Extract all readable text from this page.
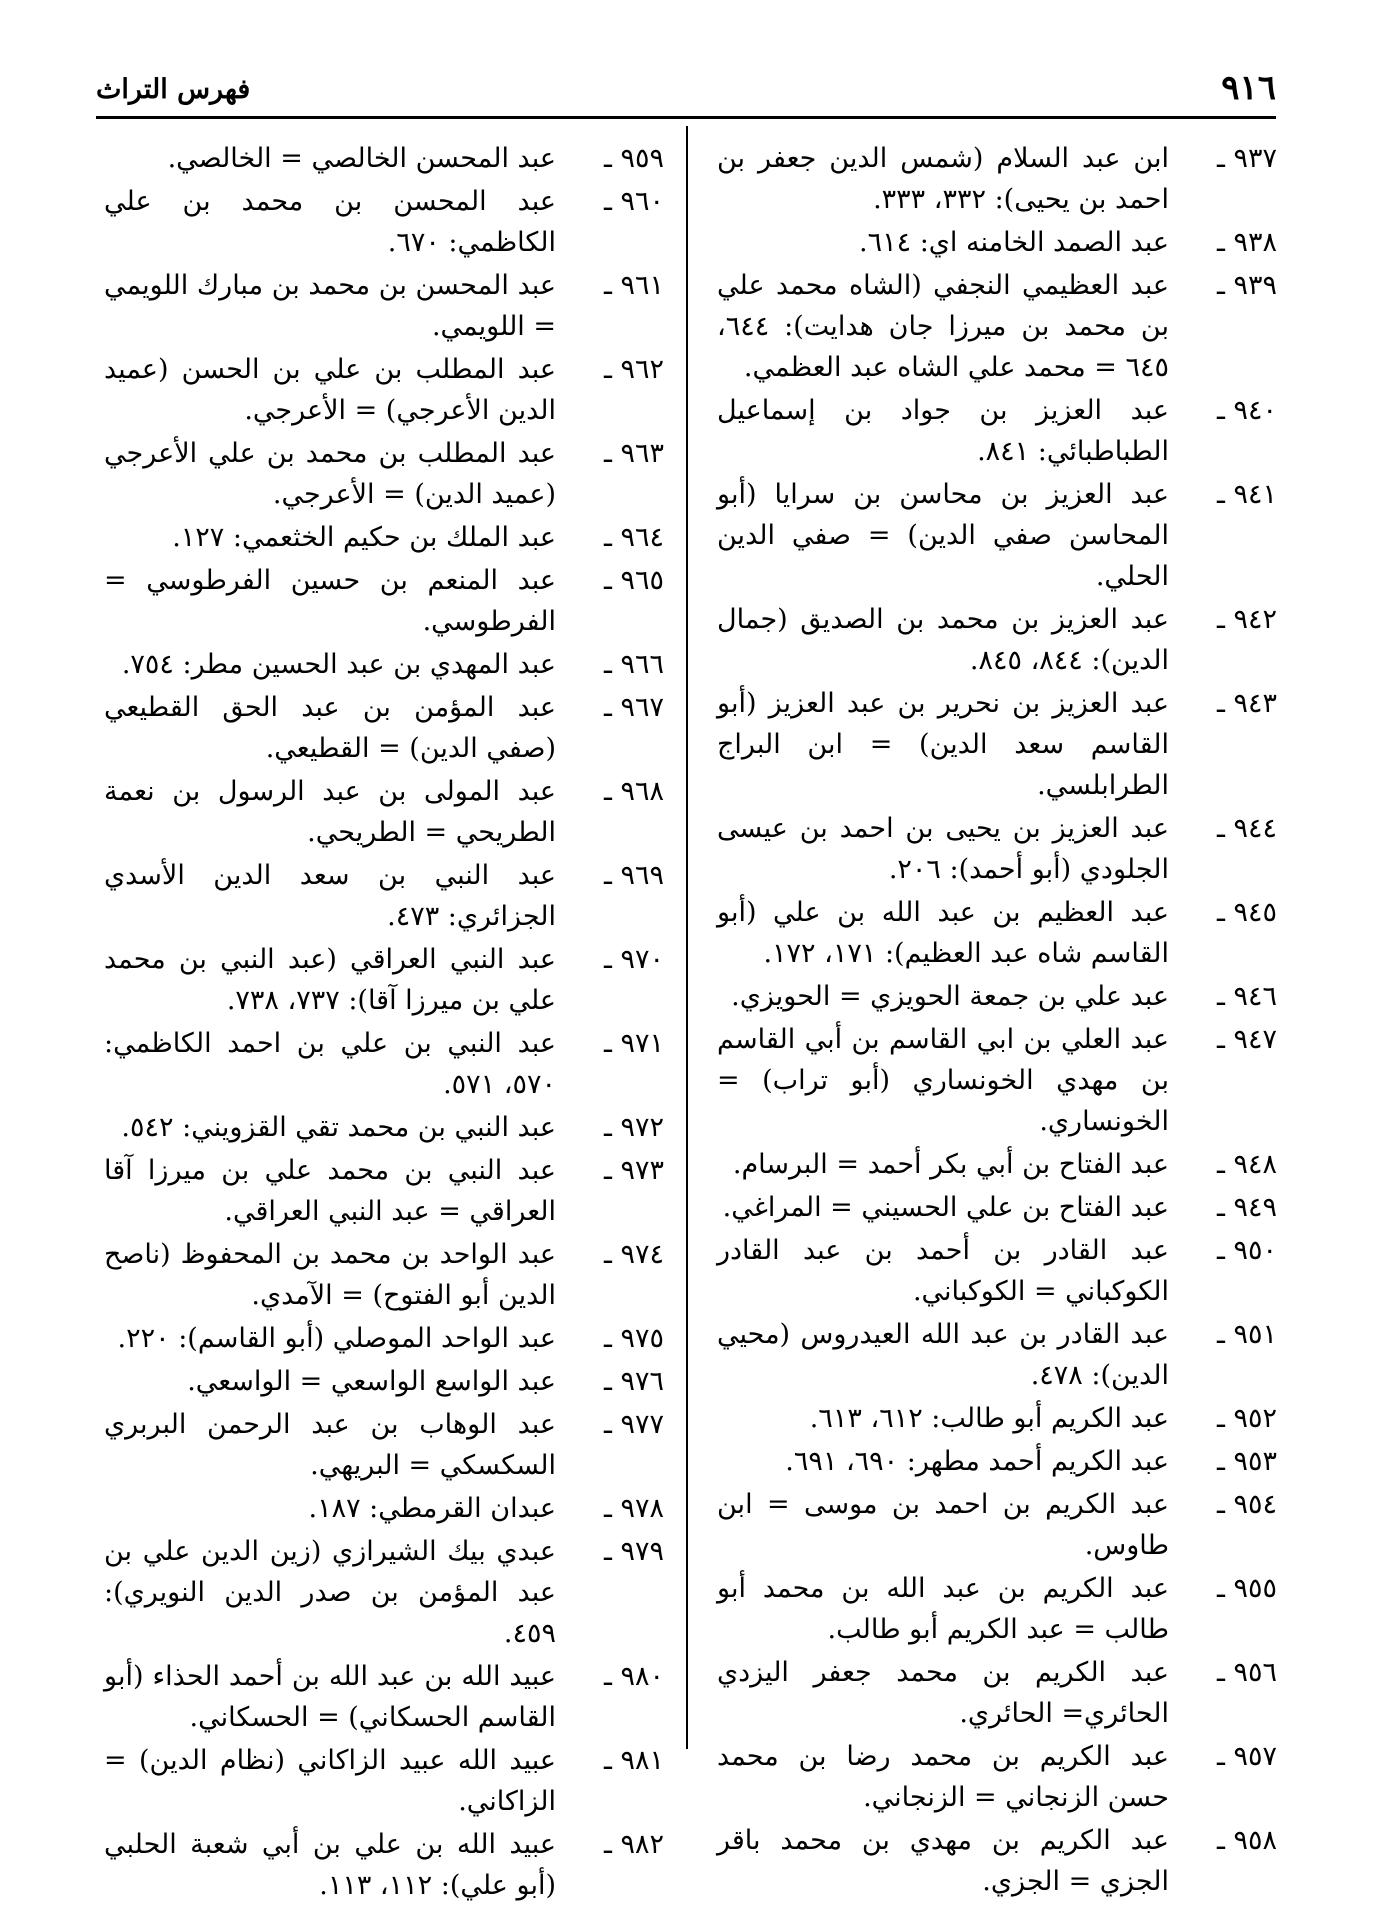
٩١٦
فهرس التراث
٩٣٧ ـ
ابن عبد السلام (شمس الدين جعفر بن احمد بن يحيى): ٣٣٢، ٣٣٣.
٩٣٨ ـ
عبد الصمد الخامنه اي: ٦١٤.
٩٣٩ ـ
عبد العظيمي النجفي (الشاه محمد علي بن محمد بن ميرزا جان هدايت): ٦٤٤، ٦٤٥ = محمد علي الشاه عبد العظمي.
٩٤٠ ـ
عبد العزيز بن جواد بن إسماعيل الطباطبائي: ٨٤١.
٩٤١ ـ
عبد العزيز بن محاسن بن سرايا (أبو المحاسن صفي الدين) = صفي الدين الحلي.
٩٤٢ ـ
عبد العزيز بن محمد بن الصديق (جمال الدين): ٨٤٤، ٨٤٥.
٩٤٣ ـ
عبد العزيز بن نحرير بن عبد العزيز (أبو القاسم سعد الدين) = ابن البراج الطرابلسي.
٩٤٤ ـ
عبد العزيز بن يحيى بن احمد بن عيسى الجلودي (أبو أحمد): ٢٠٦.
٩٤٥ ـ
عبد العظيم بن عبد الله بن علي (أبو القاسم شاه عبد العظيم): ١٧١، ١٧٢.
٩٤٦ ـ
عبد علي بن جمعة الحويزي = الحويزي.
٩٤٧ ـ
عبد العلي بن ابي القاسم بن أبي القاسم بن مهدي الخونساري (أبو تراب) = الخونساري.
٩٤٨ ـ
عبد الفتاح بن أبي بكر أحمد = البرسام.
٩٤٩ ـ
عبد الفتاح بن علي الحسيني = المراغي.
٩٥٠ ـ
عبد القادر بن أحمد بن عبد القادر الكوكباني = الكوكباني.
٩٥١ ـ
عبد القادر بن عبد الله العيدروس (محيي الدين): ٤٧٨.
٩٥٢ ـ
عبد الكريم أبو طالب: ٦١٢، ٦١٣.
٩٥٣ ـ
عبد الكريم أحمد مطهر: ٦٩٠، ٦٩١.
٩٥٤ ـ
عبد الكريم بن احمد بن موسى = ابن طاوس.
٩٥٥ ـ
عبد الكريم بن عبد الله بن محمد أبو طالب = عبد الكريم أبو طالب.
٩٥٦ ـ
عبد الكريم بن محمد جعفر اليزدي الحائري= الحائري.
٩٥٧ ـ
عبد الكريم بن محمد رضا بن محمد حسن الزنجاني = الزنجاني.
٩٥٨ ـ
عبد الكريم بن مهدي بن محمد باقر الجزي = الجزي.
٩٥٩ ـ
عبد المحسن الخالصي = الخالصي.
٩٦٠ ـ
عبد المحسن بن محمد بن علي الكاظمي: ٦٧٠.
٩٦١ ـ
عبد المحسن بن محمد بن مبارك اللويمي = اللويمي.
٩٦٢ ـ
عبد المطلب بن علي بن الحسن (عميد الدين الأعرجي) = الأعرجي.
٩٦٣ ـ
عبد المطلب بن محمد بن علي الأعرجي (عميد الدين) = الأعرجي.
٩٦٤ ـ
عبد الملك بن حكيم الخثعمي: ١٢٧.
٩٦٥ ـ
عبد المنعم بن حسين الفرطوسي = الفرطوسي.
٩٦٦ ـ
عبد المهدي بن عبد الحسين مطر: ٧٥٤.
٩٦٧ ـ
عبد المؤمن بن عبد الحق القطيعي (صفي الدين) = القطيعي.
٩٦٨ ـ
عبد المولى بن عبد الرسول بن نعمة الطريحي = الطريحي.
٩٦٩ ـ
عبد النبي بن سعد الدين الأسدي الجزائري: ٤٧٣.
٩٧٠ ـ
عبد النبي العراقي (عبد النبي بن محمد علي بن ميرزا آقا): ٧٣٧، ٧٣٨.
٩٧١ ـ
عبد النبي بن علي بن احمد الكاظمي: ٥٧٠، ٥٧١.
٩٧٢ ـ
عبد النبي بن محمد تقي القزويني: ٥٤٢.
٩٧٣ ـ
عبد النبي بن محمد علي بن ميرزا آقا العراقي = عبد النبي العراقي.
٩٧٤ ـ
عبد الواحد بن محمد بن المحفوظ (ناصح الدين أبو الفتوح) = الآمدي.
٩٧٥ ـ
عبد الواحد الموصلي (أبو القاسم): ٢٢٠.
٩٧٦ ـ
عبد الواسع الواسعي = الواسعي.
٩٧٧ ـ
عبد الوهاب بن عبد الرحمن البربري السكسكي = البريهي.
٩٧٨ ـ
عبدان القرمطي: ١٨٧.
٩٧٩ ـ
عبدي بيك الشيرازي (زين الدين علي بن عبد المؤمن بن صدر الدين النويري): ٤٥٩.
٩٨٠ ـ
عبيد الله بن عبد الله بن أحمد الحذاء (أبو القاسم الحسكاني) = الحسكاني.
٩٨١ ـ
عبيد الله عبيد الزاكاني (نظام الدين) = الزاكاني.
٩٨٢ ـ
عبيد الله بن علي بن أبي شعبة الحلبي (أبو علي): ١١٢، ١١٣.
